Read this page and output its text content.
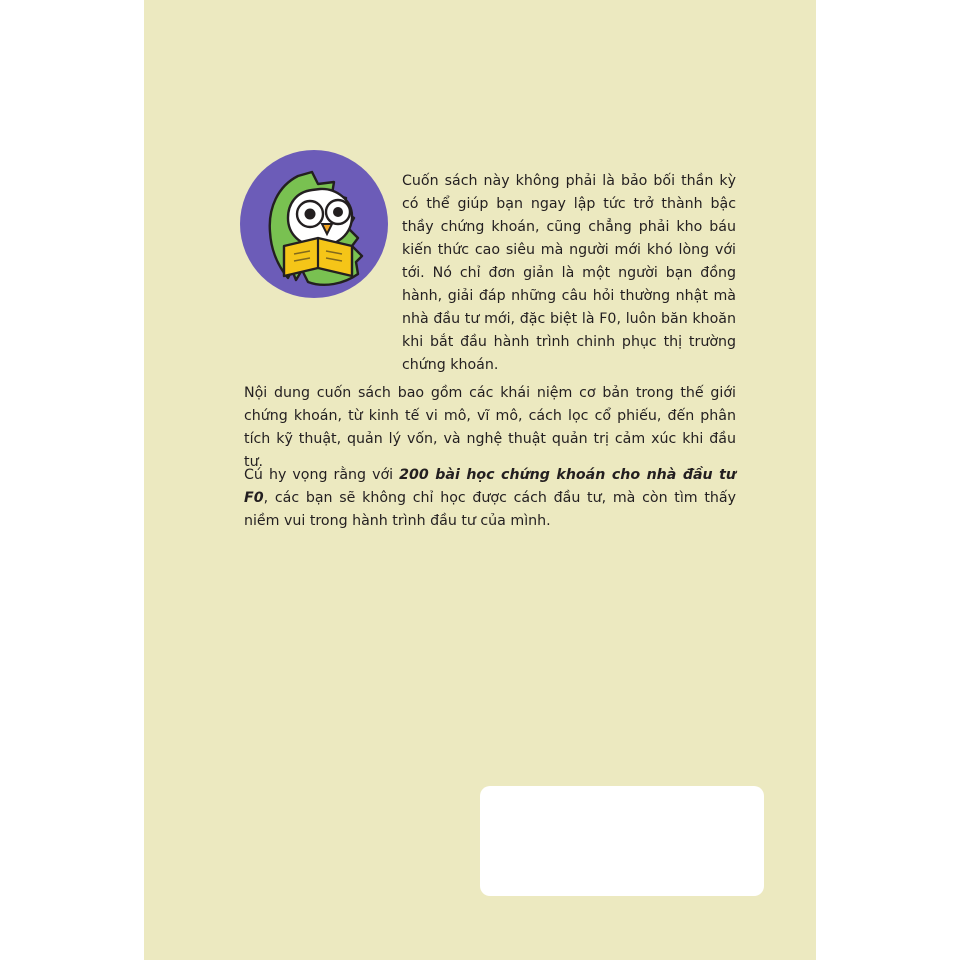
Cuốn sách này không phải là bảo bối thần kỳ có thể giúp bạn ngay lập tức trở thành bậc thầy chứng khoán, cũng chẳng phải kho báu kiến thức cao siêu mà người mới khó lòng với tới. Nó chỉ đơn giản là một người bạn đồng hành, giải đáp những câu hỏi thường nhật mà nhà đầu tư mới, đặc biệt là F0, luôn băn khoăn khi bắt đầu hành trình chinh phục thị trường chứng khoán.

Nội dung cuốn sách bao gồm các khái niệm cơ bản trong thế giới chứng khoán, từ kinh tế vi mô, vĩ mô, cách lọc cổ phiếu, đến phân tích kỹ thuật, quản lý vốn, và nghệ thuật quản trị cảm xúc khi đầu tư.

Cú hy vọng rằng với 200 bài học chứng khoán cho nhà đầu tư F0, các bạn sẽ không chỉ học được cách đầu tư, mà còn tìm thấy niềm vui trong hành trình đầu tư của mình.
